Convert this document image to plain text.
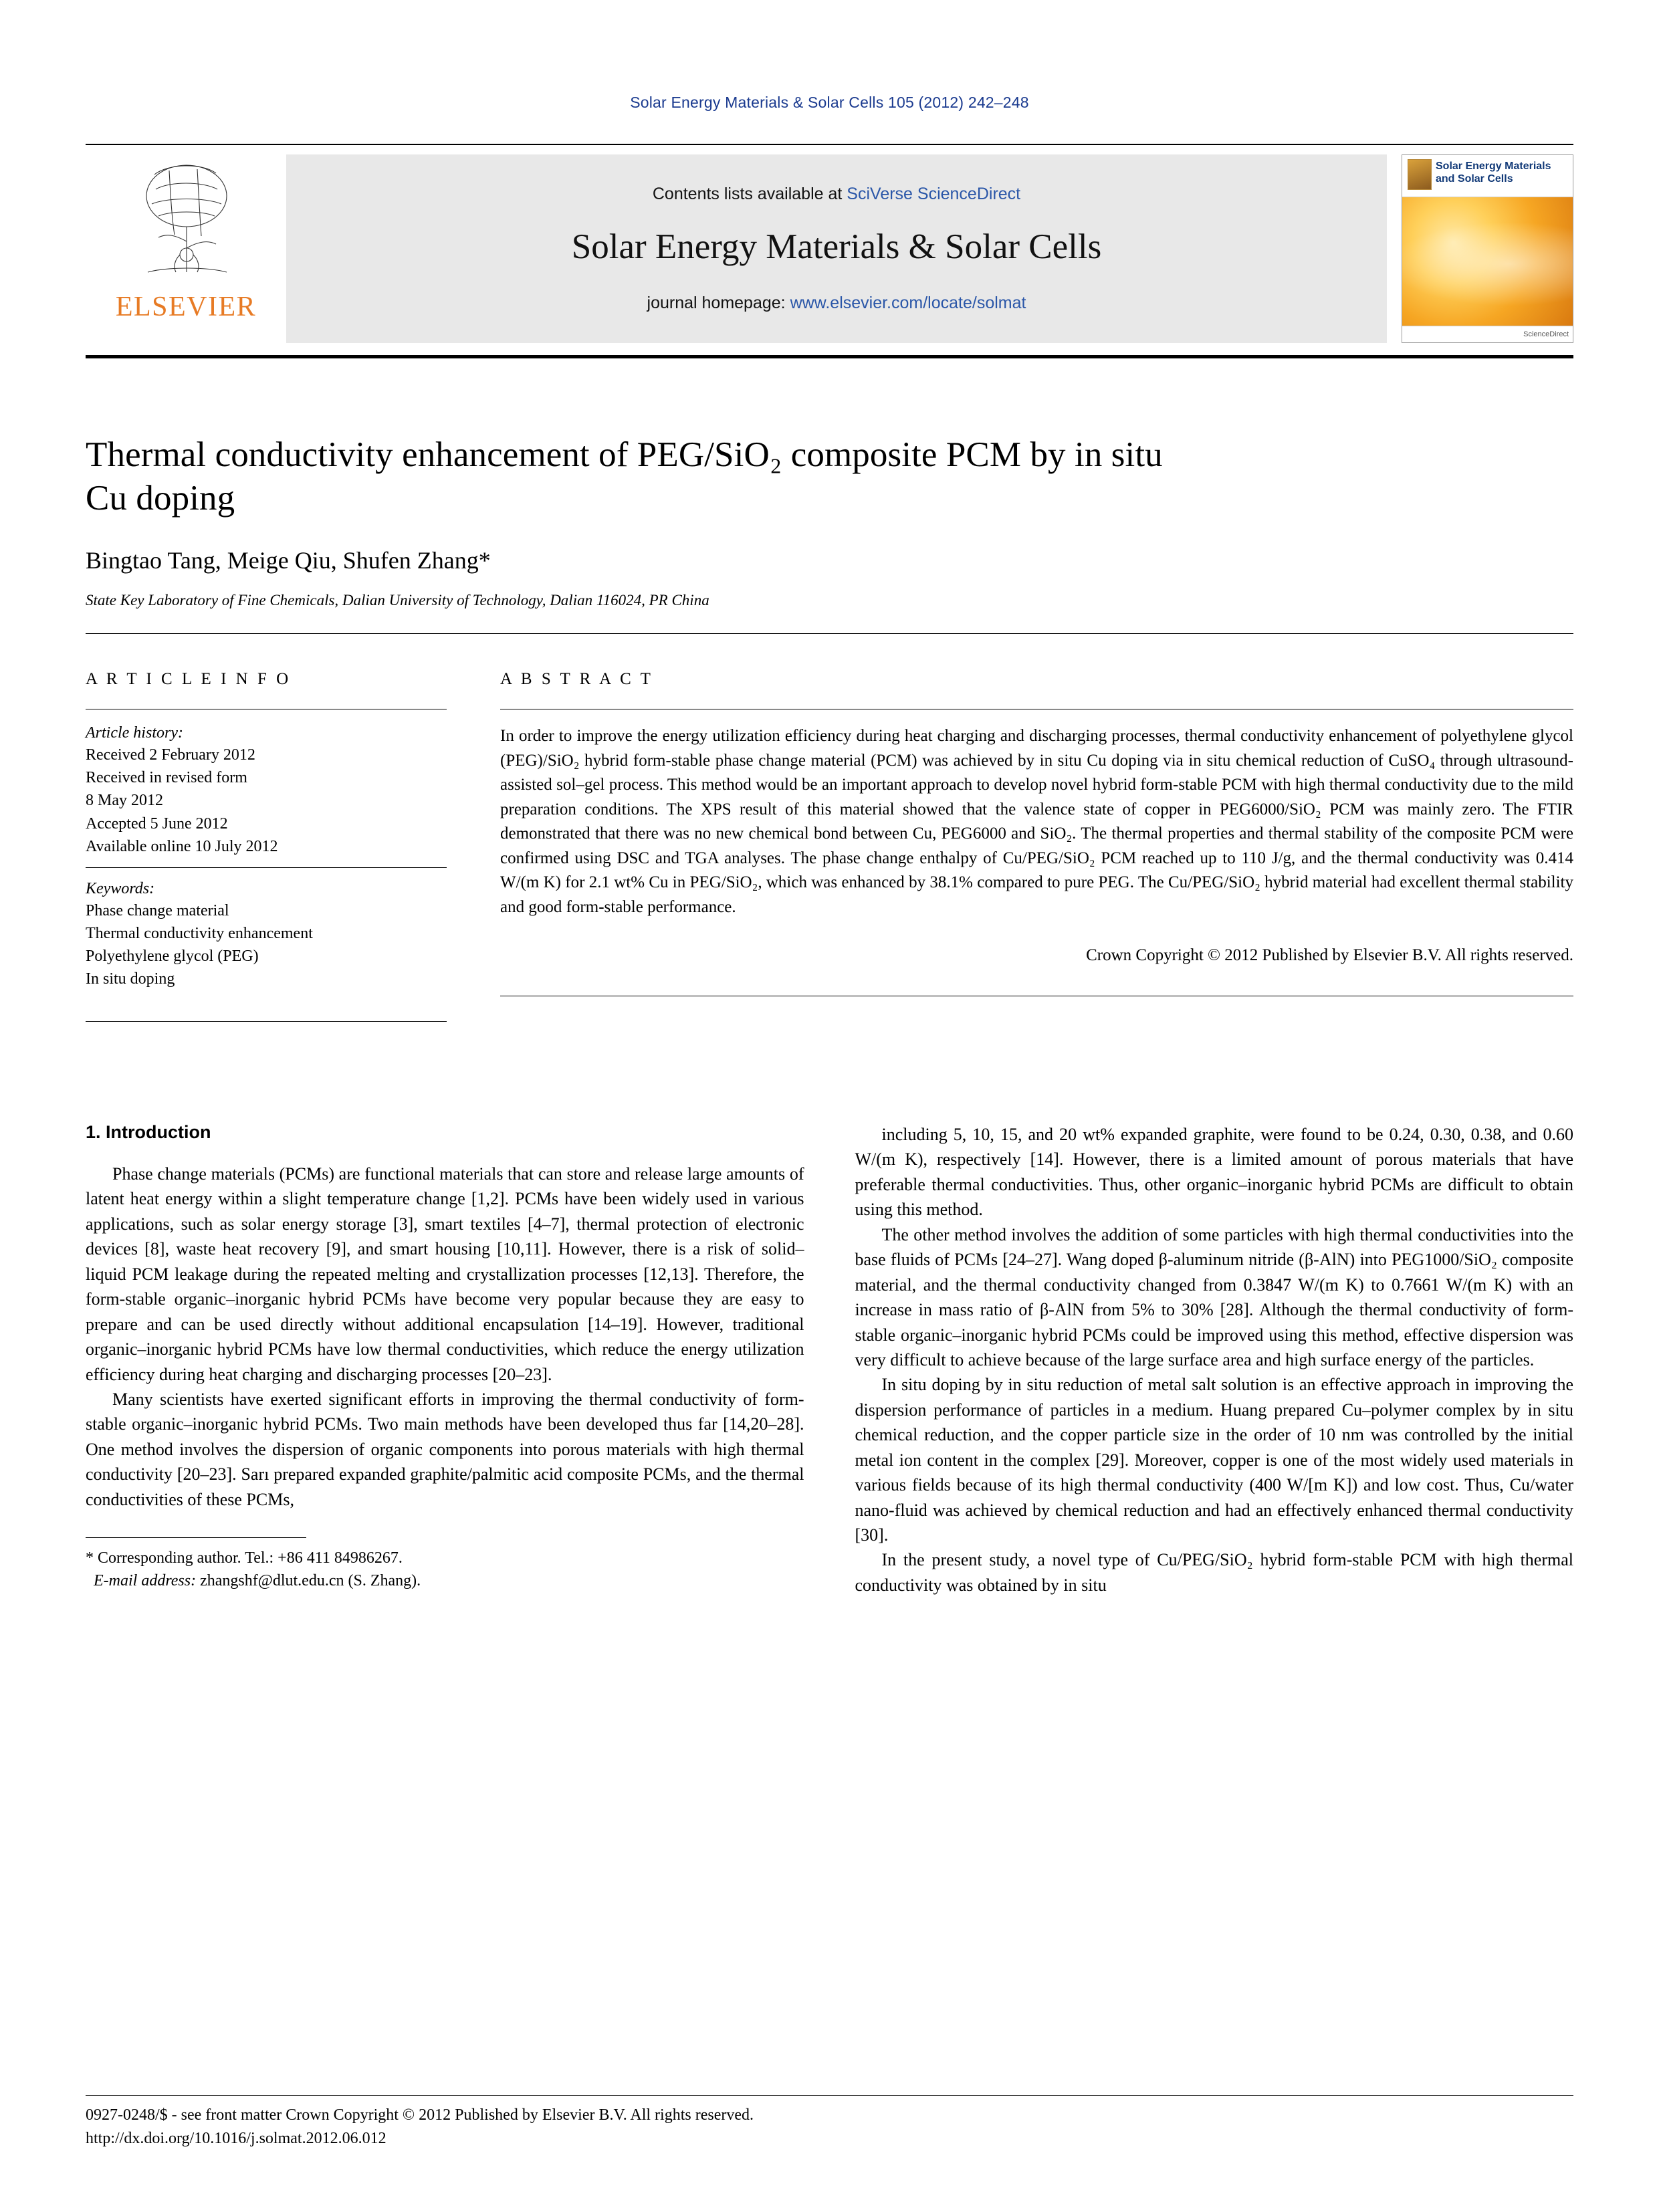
Solar Energy Materials & Solar Cells 105 (2012) 242–248
ELSEVIER
Contents lists available at SciVerse ScienceDirect
Solar Energy Materials & Solar Cells
journal homepage: www.elsevier.com/locate/solmat
Solar Energy Materials and Solar Cells
ScienceDirect
Thermal conductivity enhancement of PEG/SiO₂ composite PCM by in situ
Cu doping
Bingtao Tang, Meige Qiu, Shufen Zhang*
State Key Laboratory of Fine Chemicals, Dalian University of Technology, Dalian 116024, PR China
A R T I C L E I N F O
Article history:
Received 2 February 2012
Received in revised form
8 May 2012
Accepted 5 June 2012
Available online 10 July 2012
Keywords:
Phase change material
Thermal conductivity enhancement
Polyethylene glycol (PEG)
In situ doping
A B S T R A C T
In order to improve the energy utilization efficiency during heat charging and discharging processes, thermal conductivity enhancement of polyethylene glycol (PEG)/SiO₂ hybrid form-stable phase change material (PCM) was achieved by in situ Cu doping via in situ chemical reduction of CuSO₄ through ultrasound-assisted sol–gel process. This method would be an important approach to develop novel hybrid form-stable PCM with high thermal conductivity due to the mild preparation conditions. The XPS result of this material showed that the valence state of copper in PEG6000/SiO₂ PCM was mainly zero. The FTIR demonstrated that there was no new chemical bond between Cu, PEG6000 and SiO₂. The thermal properties and thermal stability of the composite PCM were confirmed using DSC and TGA analyses. The phase change enthalpy of Cu/PEG/SiO₂ PCM reached up to 110 J/g, and the thermal conductivity was 0.414 W/(m K) for 2.1 wt% Cu in PEG/SiO₂, which was enhanced by 38.1% compared to pure PEG. The Cu/PEG/SiO₂ hybrid material had excellent thermal stability and good form-stable performance.
Crown Copyright © 2012 Published by Elsevier B.V. All rights reserved.
1. Introduction

Phase change materials (PCMs) are functional materials that can store and release large amounts of latent heat energy within a slight temperature change [1,2]. PCMs have been widely used in various applications, such as solar energy storage [3], smart textiles [4–7], thermal protection of electronic devices [8], waste heat recovery [9], and smart housing [10,11]. However, there is a risk of solid–liquid PCM leakage during the repeated melting and crystallization processes [12,13]. Therefore, the form-stable organic–inorganic hybrid PCMs have become very popular because they are easy to prepare and can be used directly without additional encapsulation [14–19]. However, traditional organic–inorganic hybrid PCMs have low thermal conductivities, which reduce the energy utilization efficiency during heat charging and discharging processes [20–23].

Many scientists have exerted significant efforts in improving the thermal conductivity of form-stable organic–inorganic hybrid PCMs. Two main methods have been developed thus far [14,20–28]. One method involves the dispersion of organic components into porous materials with high thermal conductivity [20–23]. Sarı prepared expanded graphite/palmitic acid composite PCMs, and the thermal conductivities of these PCMs,

* Corresponding author. Tel.: +86 411 84986267.
E-mail address: zhangshf@dlut.edu.cn (S. Zhang).

including 5, 10, 15, and 20 wt% expanded graphite, were found to be 0.24, 0.30, 0.38, and 0.60 W/(m K), respectively [14]. However, there is a limited amount of porous materials that have preferable thermal conductivities. Thus, other organic–inorganic hybrid PCMs are difficult to obtain using this method.

The other method involves the addition of some particles with high thermal conductivities into the base fluids of PCMs [24–27]. Wang doped β-aluminum nitride (β-AlN) into PEG1000/SiO₂ composite material, and the thermal conductivity changed from 0.3847 W/(m K) to 0.7661 W/(m K) with an increase in mass ratio of β-AlN from 5% to 30% [28]. Although the thermal conductivity of form-stable organic–inorganic hybrid PCMs could be improved using this method, effective dispersion was very difficult to achieve because of the large surface area and high surface energy of the particles.

In situ doping by in situ reduction of metal salt solution is an effective approach in improving the dispersion performance of particles in a medium. Huang prepared Cu–polymer complex by in situ chemical reduction, and the copper particle size in the order of 10 nm was controlled by the initial metal ion content in the complex [29]. Moreover, copper is one of the most widely used materials in various fields because of its high thermal conductivity (400 W/[m K]) and low cost. Thus, Cu/water nano-fluid was achieved by chemical reduction and had an effectively enhanced thermal conductivity [30].

In the present study, a novel type of Cu/PEG/SiO₂ hybrid form-stable PCM with high thermal conductivity was obtained by in situ

0927-0248/$ - see front matter Crown Copyright © 2012 Published by Elsevier B.V. All rights reserved.
http://dx.doi.org/10.1016/j.solmat.2012.06.012
